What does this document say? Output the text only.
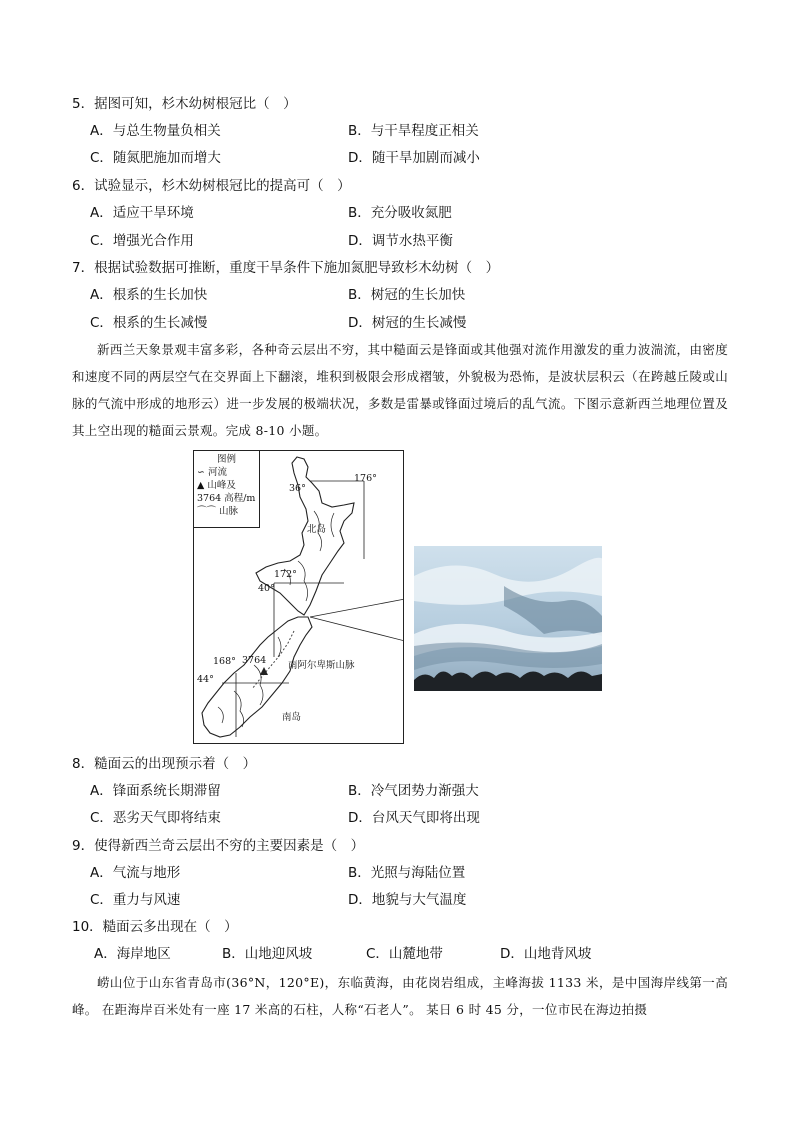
5．据图可知，杉木幼树根冠比（　）
A．与总生物量负相关	B．与干旱程度正相关
C．随氮肥施加而增大	D．随干旱加剧而减小
6．试验显示，杉木幼树根冠比的提高可（　）
A．适应干旱环境	B．充分吸收氮肥
C．增强光合作用	D．调节水热平衡
7．根据试验数据可推断，重度干旱条件下施加氮肥导致杉木幼树（　）
A．根系的生长加快	B．树冠的生长加快
C．根系的生长减慢	D．树冠的生长减慢
新西兰天象景观丰富多彩，各种奇云层出不穷，其中糙面云是锋面或其他强对流作用激发的重力波湍流，由密度和速度不同的两层空气在交界面上下翻滚，堆积到极限会形成褶皱，外貌极为恐怖，是波状层积云（在跨越丘陵或山脉的气流中形成的地形云）进一步发展的极端状况，多数是雷暴或锋面过境后的乱气流。下图示意新西兰地理位置及其上空出现的糙面云景观。完成 8-10 小题。
图例
∽ 河流
▲ 山峰及
3764 高程/m
⌒⌒ 山脉
36°
176°
北岛
172°
40°
168° 3764
44°
南阿尔卑斯山脉
南岛
8．糙面云的出现预示着（　）
A．锋面系统长期滞留	B．冷气团势力渐强大
C．恶劣天气即将结束	D．台风天气即将出现
9．使得新西兰奇云层出不穷的主要因素是（　）
A．气流与地形	B．光照与海陆位置
C．重力与风速	D．地貌与大气温度
10．糙面云多出现在（　）
A．海岸地区	B．山地迎风坡	C．山麓地带	D．山地背风坡
崂山位于山东省青岛市(36°N，120°E)，东临黄海，由花岗岩组成，主峰海拔 1133 米，是中国海岸线第一高峰。 在距海岸百米处有一座 17 米高的石柱，人称“石老人”。 某日 6 时 45 分，一位市民在海边拍摄
